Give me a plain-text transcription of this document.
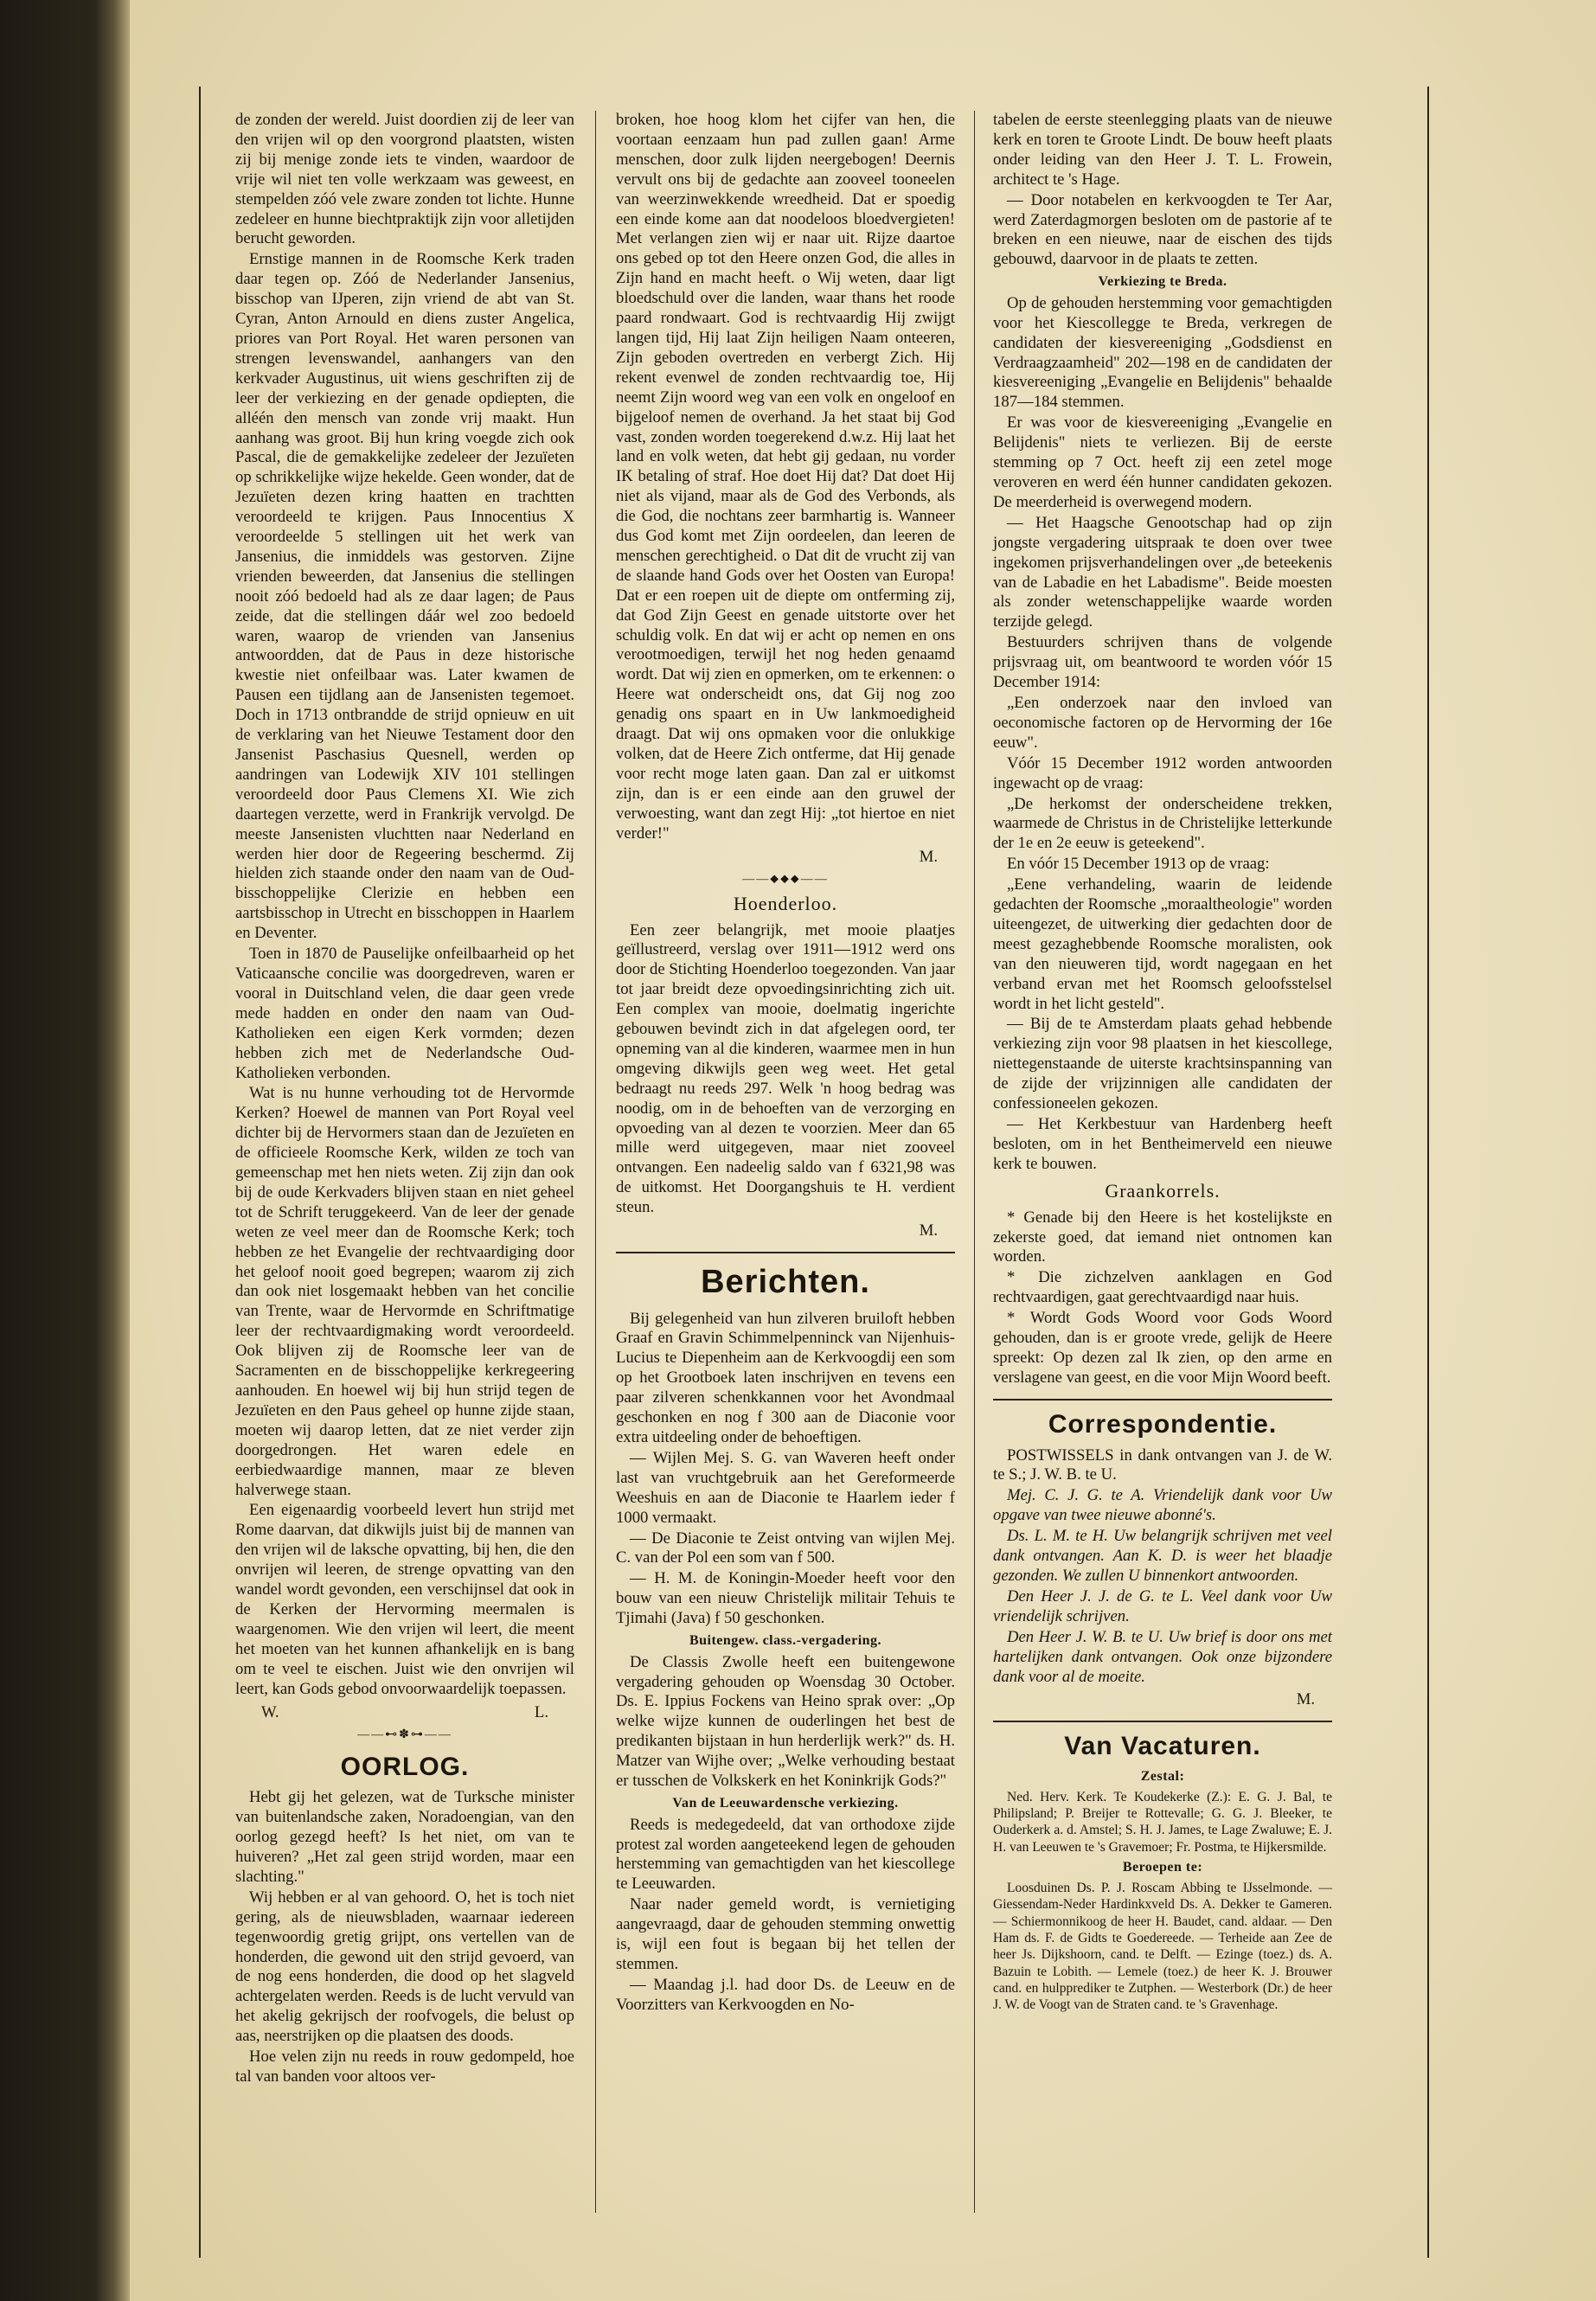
de zonden der wereld. Juist doordien zij de leer van den vrijen wil op den voorgrond plaatsten, wisten zij bij menige zonde iets te vinden, waardoor de vrije wil niet ten volle werkzaam was geweest, en stempelden zóó vele zware zonden tot lichte. Hunne zedeleer en hunne biechtpraktijk zijn voor alletijden berucht geworden.

Ernstige mannen in de Roomsche Kerk traden daar tegen op. Zóó de Nederlander Jansenius, bisschop van IJperen, zijn vriend de abt van St. Cyran, Anton Arnould en diens zuster Angelica, priores van Port Royal. Het waren personen van strengen levenswandel, aanhangers van den kerkvader Augustinus, uit wiens geschriften zij de leer der verkiezing en der genade opdiepten, die alléén den mensch van zonde vrij maakt. Hun aanhang was groot. Bij hun kring voegde zich ook Pascal, die de gemakkelijke zedeleer der Jezuïeten op schrikkelijke wijze hekelde. Geen wonder, dat de Jezuïeten dezen kring haatten en trachtten veroordeeld te krijgen. Paus Innocentius X veroordeelde 5 stellingen uit het werk van Jansenius, die inmiddels was gestorven. Zijne vrienden beweerden, dat Jansenius die stellingen nooit zóó bedoeld had als ze daar lagen; de Paus zeide, dat die stellingen dáár wel zoo bedoeld waren, waarop de vrienden van Jansenius antwoordden, dat de Paus in deze historische kwestie niet onfeilbaar was. Later kwamen de Pausen een tijdlang aan de Jansenisten tegemoet. Doch in 1713 ontbrandde de strijd opnieuw en uit de verklaring van het Nieuwe Testament door den Jansenist Paschasius Quesnell, werden op aandringen van Lodewijk XIV 101 stellingen veroordeeld door Paus Clemens XI. Wie zich daartegen verzette, werd in Frankrijk vervolgd. De meeste Jansenisten vluchtten naar Nederland en werden hier door de Regeering beschermd. Zij hielden zich staande onder den naam van de Oud-bisschoppelijke Clerizie en hebben een aartsbisschop in Utrecht en bisschoppen in Haarlem en Deventer.

Toen in 1870 de Pauselijke onfeilbaarheid op het Vaticaansche concilie was doorgedreven, waren er vooral in Duitschland velen, die daar geen vrede mede hadden en onder den naam van Oud-Katholieken een eigen Kerk vormden; dezen hebben zich met de Nederlandsche Oud-Katholieken verbonden.

Wat is nu hunne verhouding tot de Hervormde Kerken? Hoewel de mannen van Port Royal veel dichter bij de Hervormers staan dan de Jezuïeten en de officieele Roomsche Kerk, wilden ze toch van gemeenschap met hen niets weten. Zij zijn dan ook bij de oude Kerkvaders blijven staan en niet geheel tot de Schrift teruggekeerd. Van de leer der genade weten ze veel meer dan de Roomsche Kerk; toch hebben ze het Evangelie der rechtvaardiging door het geloof nooit goed begrepen; waarom zij zich dan ook niet losgemaakt hebben van het concilie van Trente, waar de Hervormde en Schriftmatige leer der rechtvaardigmaking wordt veroordeeld. Ook blijven zij de Roomsche leer van de Sacramenten en de bisschoppelijke kerkregeering aanhouden. En hoewel wij bij hun strijd tegen de Jezuïeten en den Paus geheel op hunne zijde staan, moeten wij daarop letten, dat ze niet verder zijn doorgedrongen. Het waren edele en eerbiedwaardige mannen, maar ze bleven halverwege staan.

Een eigenaardig voorbeeld levert hun strijd met Rome daarvan, dat dikwijls juist bij de mannen van den vrijen wil de laksche opvatting, bij hen, die den onvrijen wil leeren, de strenge opvatting van den wandel wordt gevonden, een verschijnsel dat ook in de Kerken der Hervorming meermalen is waargenomen. Wie den vrijen wil leert, die meent het moeten van het kunnen afhankelijk en is bang om te veel te eischen. Juist wie den onvrijen wil leert, kan Gods gebod onvoorwaardelijk toepassen.

W.	L.
——⊷✽⊶——
OORLOG.

Hebt gij het gelezen, wat de Turksche minister van buitenlandsche zaken, Noradoengian, van den oorlog gezegd heeft? Is het niet, om van te huiveren? „Het zal geen strijd worden, maar een slachting."

Wij hebben er al van gehoord. O, het is toch niet gering, als de nieuwsbladen, waarnaar iedereen tegenwoordig gretig grijpt, ons vertellen van de honderden, die gewond uit den strijd gevoerd, van de nog eens honderden, die dood op het slagveld achtergelaten werden. Reeds is de lucht vervuld van het akelig gekrijsch der roofvogels, die belust op aas, neerstrijken op die plaatsen des doods.

Hoe velen zijn nu reeds in rouw gedompeld, hoe tal van banden voor altoos ver-

broken, hoe hoog klom het cijfer van hen, die voortaan eenzaam hun pad zullen gaan! Arme menschen, door zulk lijden neergebogen! Deernis vervult ons bij de gedachte aan zooveel tooneelen van weerzinwekkende wreedheid. Dat er spoedig een einde kome aan dat noodeloos bloedvergieten! Met verlangen zien wij er naar uit. Rijze daartoe ons gebed op tot den Heere onzen God, die alles in Zijn hand en macht heeft. o Wij weten, daar ligt bloedschuld over die landen, waar thans het roode paard rondwaart. God is rechtvaardig Hij zwijgt langen tijd, Hij laat Zijn heiligen Naam onteeren, Zijn geboden overtreden en verbergt Zich. Hij rekent evenwel de zonden rechtvaardig toe, Hij neemt Zijn woord weg van een volk en ongeloof en bijgeloof nemen de overhand. Ja het staat bij God vast, zonden worden toegerekend d.w.z. Hij laat het land en volk weten, dat hebt gij gedaan, nu vorder IK betaling of straf. Hoe doet Hij dat? Dat doet Hij niet als vijand, maar als de God des Verbonds, als die God, die nochtans zeer barmhartig is. Wanneer dus God komt met Zijn oordeelen, dan leeren de menschen gerechtigheid. o Dat dit de vrucht zij van de slaande hand Gods over het Oosten van Europa! Dat er een roepen uit de diepte om ontferming zij, dat God Zijn Geest en genade uitstorte over het schuldig volk. En dat wij er acht op nemen en ons verootmoedigen, terwijl het nog heden genaamd wordt. Dat wij zien en opmerken, om te erkennen: o Heere wat onderscheidt ons, dat Gij nog zoo genadig ons spaart en in Uw lankmoedigheid draagt. Dat wij ons opmaken voor die onlukkige volken, dat de Heere Zich ontferme, dat Hij genade voor recht moge laten gaan. Dan zal er uitkomst zijn, dan is er een einde aan den gruwel der verwoesting, want dan zegt Hij: „tot hiertoe en niet verder!"

M.
——⬥⬥⬥——
Hoenderloo.

Een zeer belangrijk, met mooie plaatjes geïllustreerd, verslag over 1911—1912 werd ons door de Stichting Hoenderloo toegezonden. Van jaar tot jaar breidt deze opvoedingsinrichting zich uit. Een complex van mooie, doelmatig ingerichte gebouwen bevindt zich in dat afgelegen oord, ter opneming van al die kinderen, waarmee men in hun omgeving dikwijls geen weg weet. Het getal bedraagt nu reeds 297. Welk 'n hoog bedrag was noodig, om in de behoeften van de verzorging en opvoeding van al dezen te voorzien. Meer dan 65 mille werd uitgegeven, maar niet zooveel ontvangen. Een nadeelig saldo van f 6321,98 was de uitkomst. Het Doorgangshuis te H. verdient steun.

M.
Berichten.

Bij gelegenheid van hun zilveren bruiloft hebben Graaf en Gravin Schimmelpenninck van Nijenhuis-Lucius te Diepenheim aan de Kerkvoogdij een som op het Grootboek laten inschrijven en tevens een paar zilveren schenkkannen voor het Avondmaal geschonken en nog f 300 aan de Diaconie voor extra uitdeeling onder de behoeftigen.

— Wijlen Mej. S. G. van Waveren heeft onder last van vruchtgebruik aan het Gereformeerde Weeshuis en aan de Diaconie te Haarlem ieder f 1000 vermaakt.

— De Diaconie te Zeist ontving van wijlen Mej. C. van der Pol een som van f 500.

— H. M. de Koningin-Moeder heeft voor den bouw van een nieuw Christelijk militair Tehuis te Tjimahi (Java) f 50 geschonken.

Buitengew. class.-vergadering.

De Classis Zwolle heeft een buitengewone vergadering gehouden op Woensdag 30 October. Ds. E. Ippius Fockens van Heino sprak over: „Op welke wijze kunnen de ouderlingen het best de predikanten bijstaan in hun herderlijk werk?" ds. H. Matzer van Wijhe over; „Welke verhouding bestaat er tusschen de Volkskerk en het Koninkrijk Gods?"

Van de Leeuwardensche verkiezing.

Reeds is medegedeeld, dat van orthodoxe zijde protest zal worden aangeteekend legen de gehouden herstemming van gemachtigden van het kiescollege te Leeuwarden.

Naar nader gemeld wordt, is vernietiging aangevraagd, daar de gehouden stemming onwettig is, wijl een fout is begaan bij het tellen der stemmen.

— Maandag j.l. had door Ds. de Leeuw en de Voorzitters van Kerkvoogden en No-

tabelen de eerste steenlegging plaats van de nieuwe kerk en toren te Groote Lindt. De bouw heeft plaats onder leiding van den Heer J. T. L. Frowein, architect te 's Hage.

— Door notabelen en kerkvoogden te Ter Aar, werd Zaterdagmorgen besloten om de pastorie af te breken en een nieuwe, naar de eischen des tijds gebouwd, daarvoor in de plaats te zetten.

Verkiezing te Breda.

Op de gehouden herstemming voor gemachtigden voor het Kiescollegge te Breda, verkregen de candidaten der kiesvereeniging „Godsdienst en Verdraagzaamheid" 202—198 en de candidaten der kiesvereeniging „Evangelie en Belijdenis" behaalde 187—184 stemmen.

Er was voor de kiesvereeniging „Evangelie en Belijdenis" niets te verliezen. Bij de eerste stemming op 7 Oct. heeft zij een zetel moge veroveren en werd één hunner candidaten gekozen. De meerderheid is overwegend modern.

— Het Haagsche Genootschap had op zijn jongste vergadering uitspraak te doen over twee ingekomen prijsverhandelingen over „de beteekenis van de Labadie en het Labadisme". Beide moesten als zonder wetenschappelijke waarde worden terzijde gelegd.

Bestuurders schrijven thans de volgende prijsvraag uit, om beantwoord te worden vóór 15 December 1914:

„Een onderzoek naar den invloed van oeconomische factoren op de Hervorming der 16e eeuw".

Vóór 15 December 1912 worden antwoorden ingewacht op de vraag:

„De herkomst der onderscheidene trekken, waarmede de Christus in de Christelijke letterkunde der 1e en 2e eeuw is geteekend".

En vóór 15 December 1913 op de vraag:

„Eene verhandeling, waarin de leidende gedachten der Roomsche „moraaltheologie" worden uiteengezet, de uitwerking dier gedachten door de meest gezaghebbende Roomsche moralisten, ook van den nieuweren tijd, wordt nagegaan en het verband ervan met het Roomsch geloofsstelsel wordt in het licht gesteld".

— Bij de te Amsterdam plaats gehad hebbende verkiezing zijn voor 98 plaatsen in het kiescollege, niettegenstaande de uiterste krachtsinspanning van de zijde der vrijzinnigen alle candidaten der confessioneelen gekozen.

— Het Kerkbestuur van Hardenberg heeft besloten, om in het Bentheimerveld een nieuwe kerk te bouwen.

Graankorrels.

* Genade bij den Heere is het kostelijkste en zekerste goed, dat iemand niet ontnomen kan worden.

* Die zichzelven aanklagen en God rechtvaardigen, gaat gerechtvaardigd naar huis.

* Wordt Gods Woord voor Gods Woord gehouden, dan is er groote vrede, gelijk de Heere spreekt: Op dezen zal Ik zien, op den arme en verslagene van geest, en die voor Mijn Woord beeft.

Correspondentie.

POSTWISSELS in dank ontvangen van J. de W. te S.; J. W. B. te U.

Mej. C. J. G. te A. Vriendelijk dank voor Uw opgave van twee nieuwe abonné's.

Ds. L. M. te H. Uw belangrijk schrijven met veel dank ontvangen. Aan K. D. is weer het blaadje gezonden. We zullen U binnenkort antwoorden.

Den Heer J. J. de G. te L. Veel dank voor Uw vriendelijk schrijven.

Den Heer J. W. B. te U. Uw brief is door ons met hartelijken dank ontvangen. Ook onze bijzondere dank voor al de moeite.

M.
Van Vacaturen.
Zestal:

Ned. Herv. Kerk. Te Koudekerke (Z.): E. G. J. Bal, te Philipsland; P. Breijer te Rottevalle; G. G. J. Bleeker, te Ouderkerk a. d. Amstel; S. H. J. James, te Lage Zwaluwe; E. J. H. van Leeuwen te 's Gravemoer; Fr. Postma, te Hijkersmilde.

Beroepen te:

Loosduinen Ds. P. J. Roscam Abbing te IJsselmonde. — Giessendam-Neder Hardinkxveld Ds. A. Dekker te Gameren. — Schiermonnikoog de heer H. Baudet, cand. aldaar. — Den Ham ds. F. de Gidts te Goedereede. — Terheide aan Zee de heer Js. Dijkshoorn, cand. te Delft. — Ezinge (toez.) ds. A. Bazuin te Lobith. — Lemele (toez.) de heer K. J. Brouwer cand. en hulpprediker te Zutphen. — Westerbork (Dr.) de heer J. W. de Voogt van de Straten cand. te 's Gravenhage.
